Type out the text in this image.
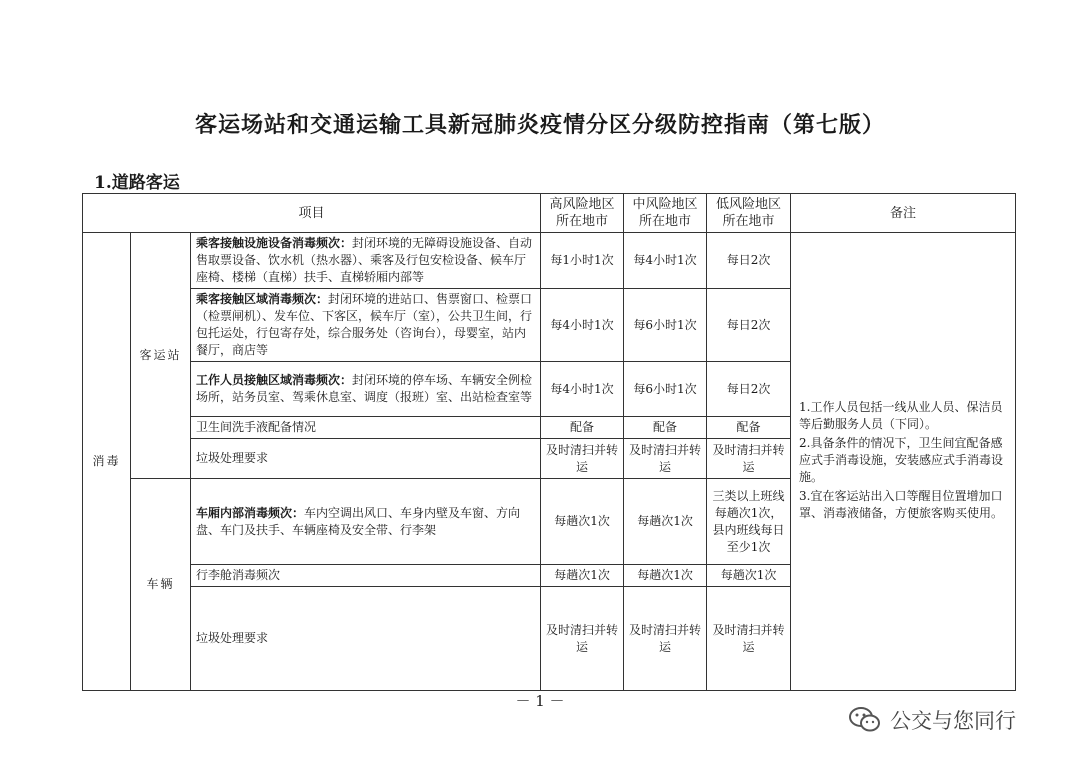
客运场站和交通运输工具新冠肺炎疫情分区分级防控指南（第七版）
1.道路客运
项目			高风险地区所在地市	中风险地区所在地市	低风险地区所在地市	备注
消毒	客运站	乘客接触设施设备消毒频次：封闭环境的无障碍设施设备、自动售取票设备、饮水机（热水器）、乘客及行包安检设备、候车厅座椅、楼梯（直梯）扶手、直梯轿厢内部等	每1小时1次	每4小时1次	每日2次	1.工作人员包括一线从业人员、保洁员等后勤服务人员（下同）。
2.具备条件的情况下，卫生间宜配备感应式手消毒设施，安装感应式手消毒设施。
3.宜在客运站出入口等醒目位置增加口罩、消毒液储备，方便旅客购买使用。

		乘客接触区域消毒频次：封闭环境的进站口、售票窗口、检票口（检票闸机）、发车位、下客区，候车厅（室），公共卫生间，行包托运处，行包寄存处，综合服务处（咨询台），母婴室，站内餐厅，商店等	每4小时1次	每6小时1次	每日2次	
		工作人员接触区域消毒频次：封闭环境的停车场、车辆安全例检场所，站务员室、驾乘休息室、调度（报班）室、出站检查室等	每4小时1次	每6小时1次	每日2次	
		卫生间洗手液配备情况	配备	配备	配备	
		垃圾处理要求	及时清扫并转运	及时清扫并转运	及时清扫并转运	
	车辆	车厢内部消毒频次：车内空调出风口、车身内壁及车窗、方向盘、车门及扶手、车辆座椅及安全带、行李架	每趟次1次	每趟次1次	三类以上班线每趟次1次，县内班线每日至少1次	
		行李舱消毒频次	每趟次1次	每趟次1次	每趟次1次	
		垃圾处理要求	及时清扫并转运	及时清扫并转运	及时清扫并转运	
－ 1 －
公交与您同行
